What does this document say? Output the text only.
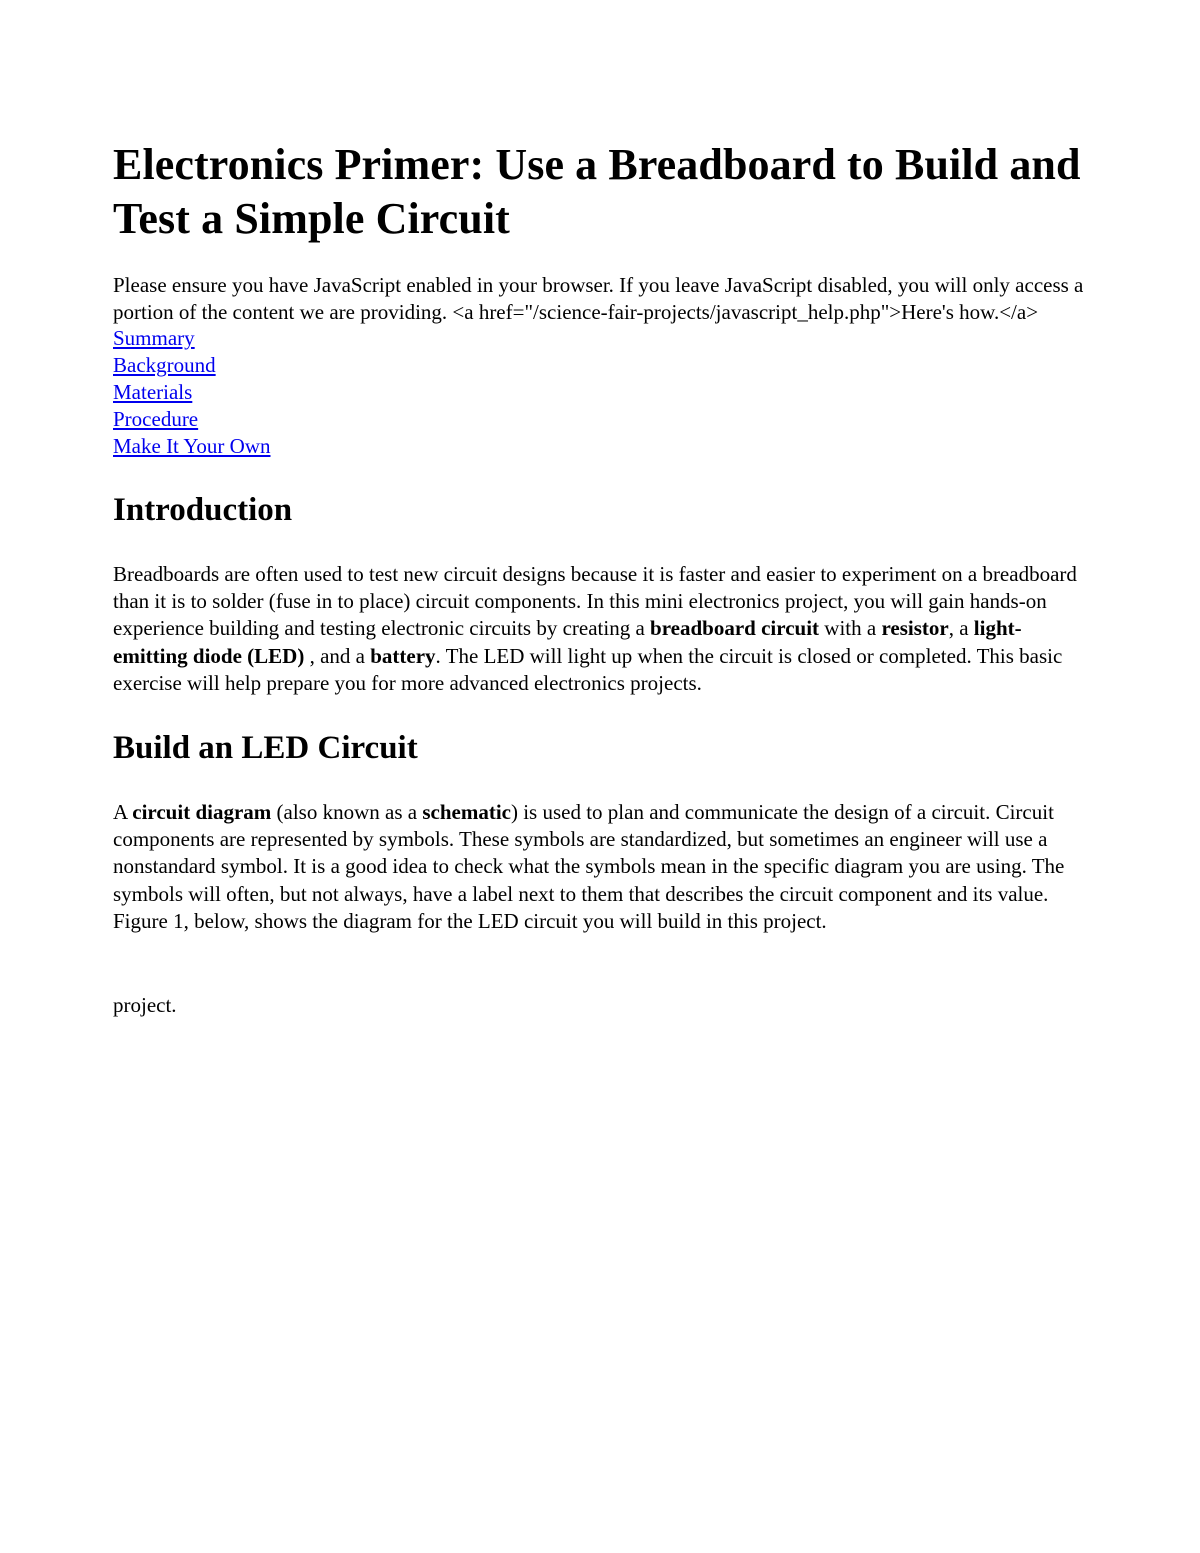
Electronics Primer: Use a Breadboard to Build and Test a Simple Circuit

Please ensure you have JavaScript enabled in your browser. If you leave JavaScript disabled, you will only access a portion of the content we are providing. <a href="/science-fair-projects/javascript_help.php">Here's how.</a>

Summary
Background
Materials
Procedure
Make It Your Own
Introduction

Breadboards are often used to test new circuit designs because it is faster and easier to experiment on a breadboard than it is to solder (fuse in to place) circuit components. In this mini electronics project, you will gain hands-on experience building and testing electronic circuits by creating a breadboard circuit with a resistor, a light-emitting diode (LED) , and a battery. The LED will light up when the circuit is closed or completed. This basic exercise will help prepare you for more advanced electronics projects.

Build an LED Circuit

A circuit diagram (also known as a schematic) is used to plan and communicate the design of a circuit. Circuit components are represented by symbols. These symbols are standardized, but sometimes an engineer will use a nonstandard symbol. It is a good idea to check what the symbols mean in the specific diagram you are using. The symbols will often, but not always, have a label next to them that describes the circuit component and its value. Figure 1, below, shows the diagram for the LED circuit you will build in this project.

project.
